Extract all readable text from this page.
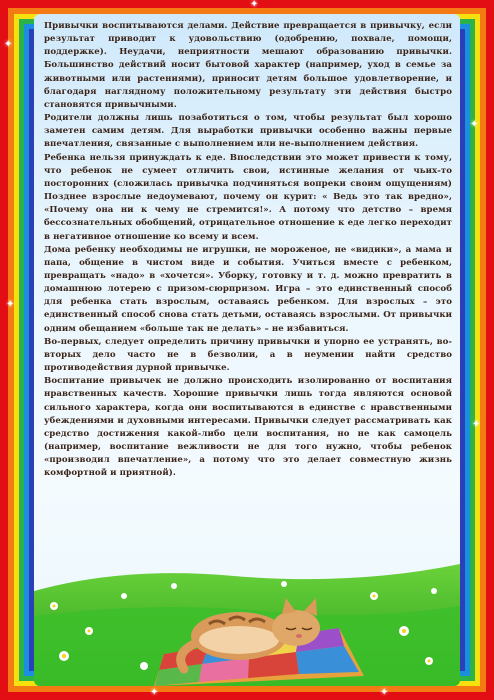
✦
✦
✦
✦
✦
✦	✦

Привычки воспитываются делами. Действие превращается в привычку, если результат приводит к удовольствию (одобрению, похвале, помощи, поддержке). Неудачи, неприятности мешают образованию привычки. Большинство действий носит бытовой характер (например, уход в семье за животными или растениями), приносит детям большое удовлетворение, и благодаря наглядному положительному результату эти действия быстро становятся привычными.

Родители должны лишь позаботиться о том, чтобы результат был хорошо заметен самим детям. Для выработки привычки особенно важны первые впечатления, связанные с выполнением или не-выполнением действия.

Ребенка нельзя принуждать к еде. Впоследствии это может привести к тому, что ребенок не сумеет отличить свои, истинные желания от чьих-то посторонних (сложилась привычка подчиняться вопреки своим ощущениям) Позднее взрослые недоумевают, почему он курит: « Ведь это так вредно», «Почему она ни к чему не стремится!». А потому что детство – время бессознательных обобщений, отрицательное отношение к еде легко переходит в негативное отношение ко всему и всем.

Дома ребенку необходимы не игрушки, не мороженое, не «видики», а мама и папа, общение в чистом виде и события. Учиться вместе с ребенком, превращать «надо» в «хочется». Уборку, готовку и т. д. можно превратить в домашнюю лотерею с призом-сюрпризом. Игра – это единственный способ для ребенка стать взрослым, оставаясь ребенком. Для взрослых – это единственный способ снова стать детьми, оставаясь взрослыми. От привычки одним обещанием «больше так не делать» – не избавиться.

Во-первых, следует определить причину привычки и упорно ее устранять, во-вторых дело часто не в безволии, а в неумении найти средство противодействия дурной привычке.

Воспитание привычек не должно происходить изолированно от воспитания нравственных качеств. Хорошие привычки лишь тогда являются основой сильного характера, когда они воспитываются в единстве с нравственными убеждениями и духовными интересами. Привычки следует рассматривать как средство достижения какой-либо цели воспитания, но не как самоцель (например, воспитание вежливости не для того нужно, чтобы ребенок «производил впечатление», а потому что это делает совместную жизнь комфортной и приятной).
